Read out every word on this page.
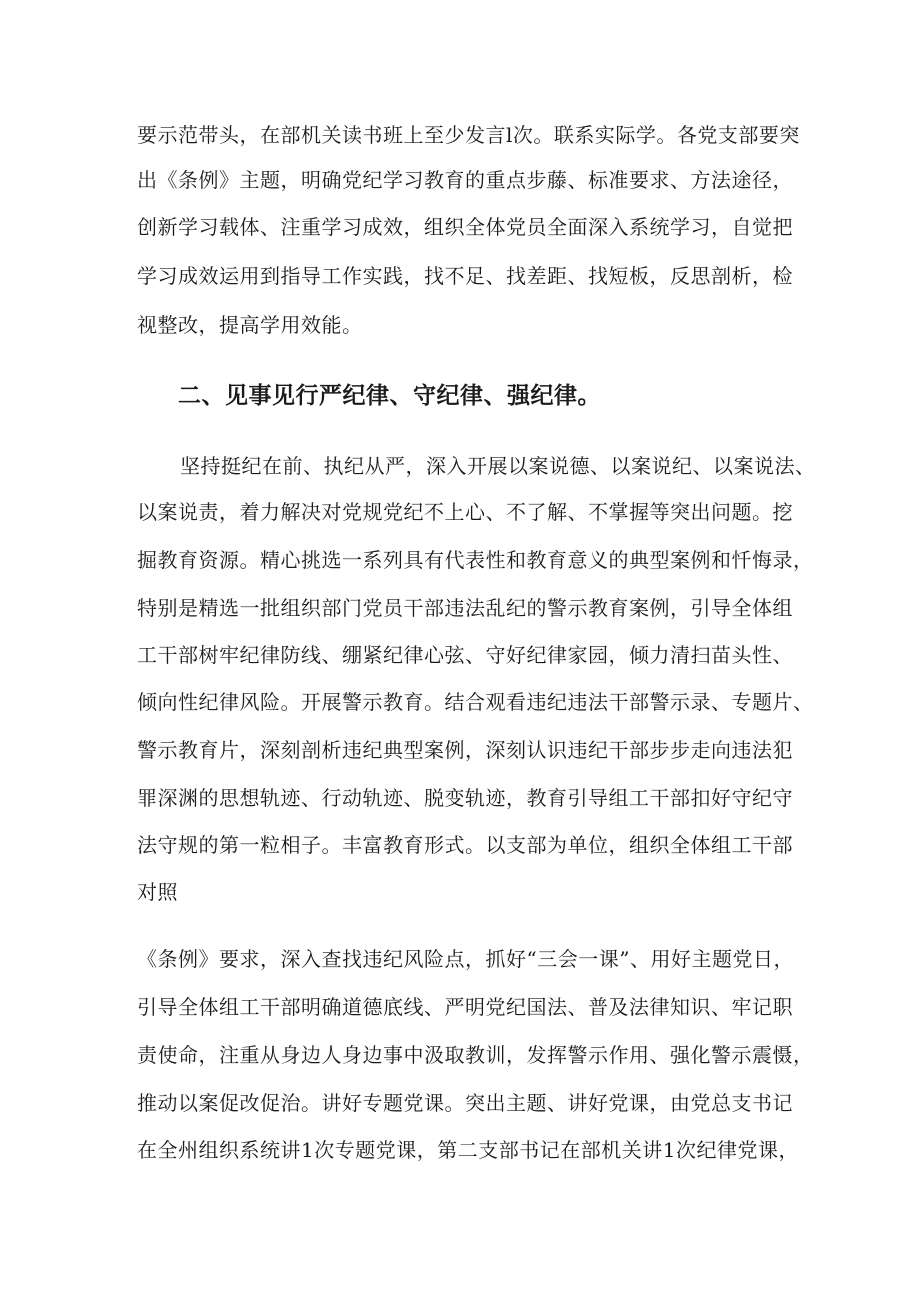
要示范带头，在部机关读书班上至少发言l次。联系实际学。各党支部要突
出《条例》主题，明确党纪学习教育的重点步藤、标准要求、方法途径，
创新学习载体、注重学习成效，组织全体党员全面深入系统学习，自觉把
学习成效运用到指导工作实践，找不足、找差距、找短板，反思剖析，检
视整改，提高学用效能。
二、见事见行严纪律、守纪律、强纪律。
坚持挺纪在前、执纪从严，深入开展以案说德、以案说纪、以案说法、
以案说责，着力解决对党规党纪不上心、不了解、不掌握等突出问题。挖
掘教育资源。精心挑选一系列具有代表性和教育意义的典型案例和忏悔录，
特别是精选一批组织部门党员干部违法乱纪的警示教育案例，引导全体组
工干部树牢纪律防线、绷紧纪律心弦、守好纪律家园，倾力清扫苗头性、
倾向性纪律风险。开展警示教育。结合观看违纪违法干部警示录、专题片、
警示教育片，深刻剖析违纪典型案例，深刻认识违纪干部步步走向违法犯
罪深渊的思想轨迹、行动轨迹、脱变轨迹，教育引导组工干部扣好守纪守
法守规的第一粒相子。丰富教育形式。以支部为单位，组织全体组工干部
对照
《条例》要求，深入查找违纪风险点，抓好“三会一课”、用好主题党日，
引导全体组工干部明确道德底线、严明党纪国法、普及法律知识、牢记职
责使命，注重从身边人身边事中汲取教训，发挥警示作用、强化警示震慑，
推动以案促改促治。讲好专题党课。突出主题、讲好党课，由党总支书记
在全州组织系统讲1次专题党课，第二支部书记在部机关讲1次纪律党课，
